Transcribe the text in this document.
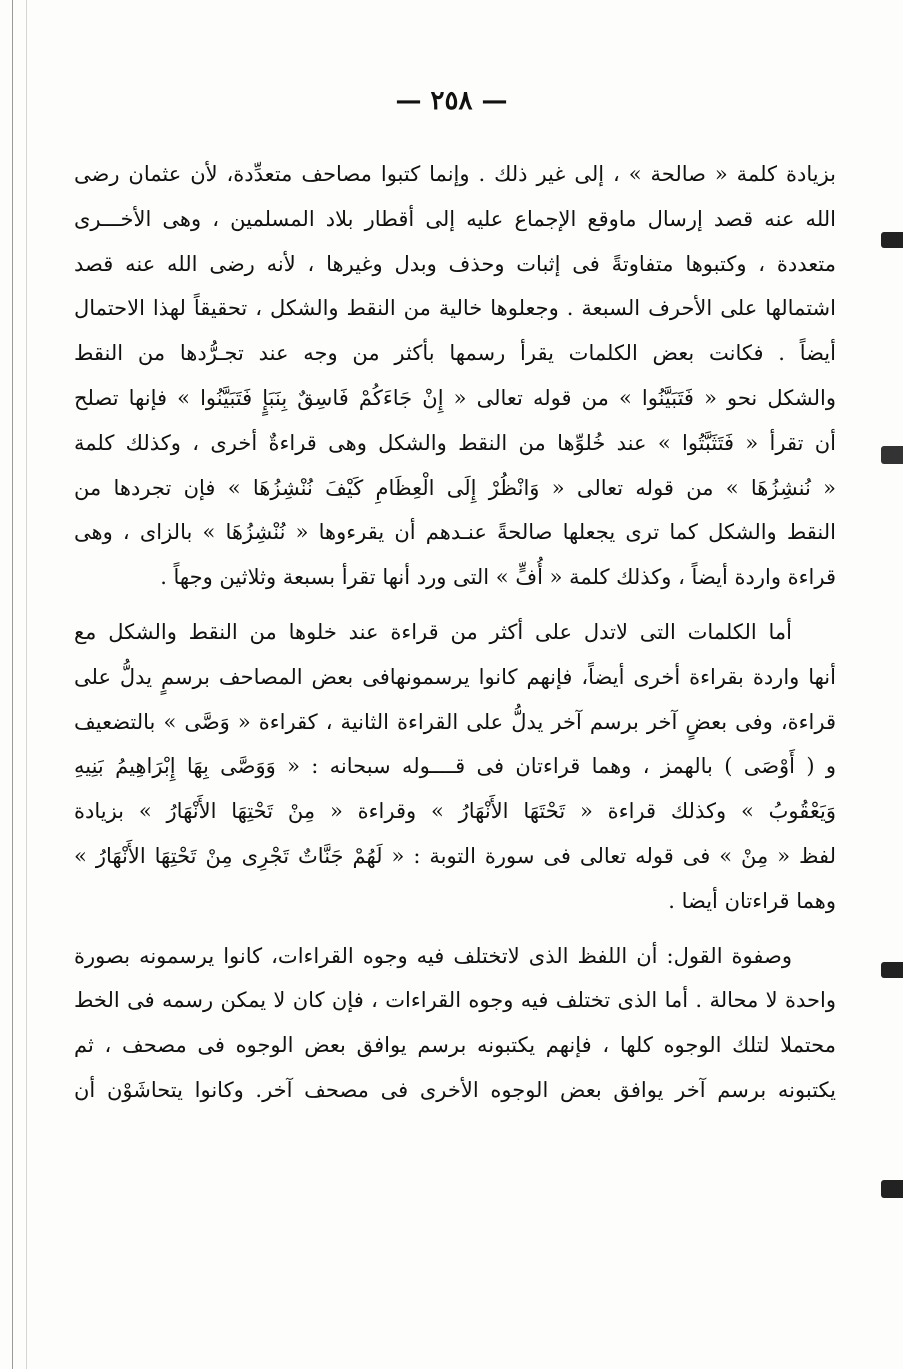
— ٢٥٨ —
بزيادة كلمة « صالحة » ، إلى غير ذلك . وإنما كتبوا مصاحف متعدِّدة، لأن عثمان رضى
الله عنه قصد إرسال ماوقع الإجماع عليه إلى أقطار بلاد المسلمين ، وهى الأخـــرى
متعددة ، وكتبوها متفاوتةً فى إثبات وحذف وبدل وغيرها ، لأنه رضى الله عنه قصد
اشتمالها على الأحرف السبعة . وجعلوها خالية من النقط والشكل ، تحقيقاً لهذا الاحتمال
أيضاً . فكانت بعض الكلمات يقرأ رسمها بأكثر من وجه عند تجـرُّدها من النقط
والشكل نحو « فَتَبَيَّنُوا » من قوله تعالى « إِنْ جَاءَكُمْ فَاسِقٌ بِنَبَإٍ فَتَبَيَّنُوا » فإنها تصلح
أن تقرأ « فَتَثَبَّتُوا » عند خُلوِّها من النقط والشكل وهى قراءةٌ أخرى ، وكذلك كلمة
« نُنشِزُهَا » من قوله تعالى « وَانْظُرْ إِلَى الْعِظَامِ كَيْفَ نُنْشِزُهَا » فإن تجردها من
النقط والشكل كما ترى يجعلها صالحةً عنـدهم أن يقرءوها « نُنْشِزُهَا » بالزاى ، وهى
قراءة واردة أيضاً ، وكذلك كلمة « أُفٍّ » التى ورد أنها تقرأ بسبعة وثلاثين وجهاً .
أما الكلمات التى لاتدل على أكثر من قراءة عند خلوها من النقط والشكل مع
أنها واردة بقراءة أخرى أيضاً، فإنهم كانوا يرسمونهافى بعض المصاحف برسمٍ يدلُّ على
قراءة، وفى بعضٍ آخر برسم آخر يدلُّ على القراءة الثانية ، كقراءة « وَصَّى » بالتضعيف
و ( أَوْصَى ) بالهمز ، وهما قراءتان فى قــــوله سبحانه : « وَوَصَّى بِهَا إِبْرَاهِيمُ بَنِيهِ
وَيَعْقُوبُ » وكذلك قراءة « تَحْتَهَا الأَنْهَارُ » وقراءة « مِنْ تَحْتِهَا الأَنْهَارُ » بزيادة
لفظ « مِنْ » فى قوله تعالى فى سورة التوبة : « لَهُمْ جَنَّاتٌ تَجْرِى مِنْ تَحْتِهَا الأَنْهَارُ »
وهما قراءتان أيضا .
وصفوة القول: أن اللفظ الذى لاتختلف فيه وجوه القراءات، كانوا يرسمونه بصورة
واحدة لا محالة . أما الذى تختلف فيه وجوه القراءات ، فإن كان لا يمكن رسمه فى الخط
محتملا لتلك الوجوه كلها ، فإنهم يكتبونه برسم يوافق بعض الوجوه فى مصحف ، ثم
يكتبونه برسم آخر يوافق بعض الوجوه الأخرى فى مصحف آخر. وكانوا يتحاشَوْن أن
